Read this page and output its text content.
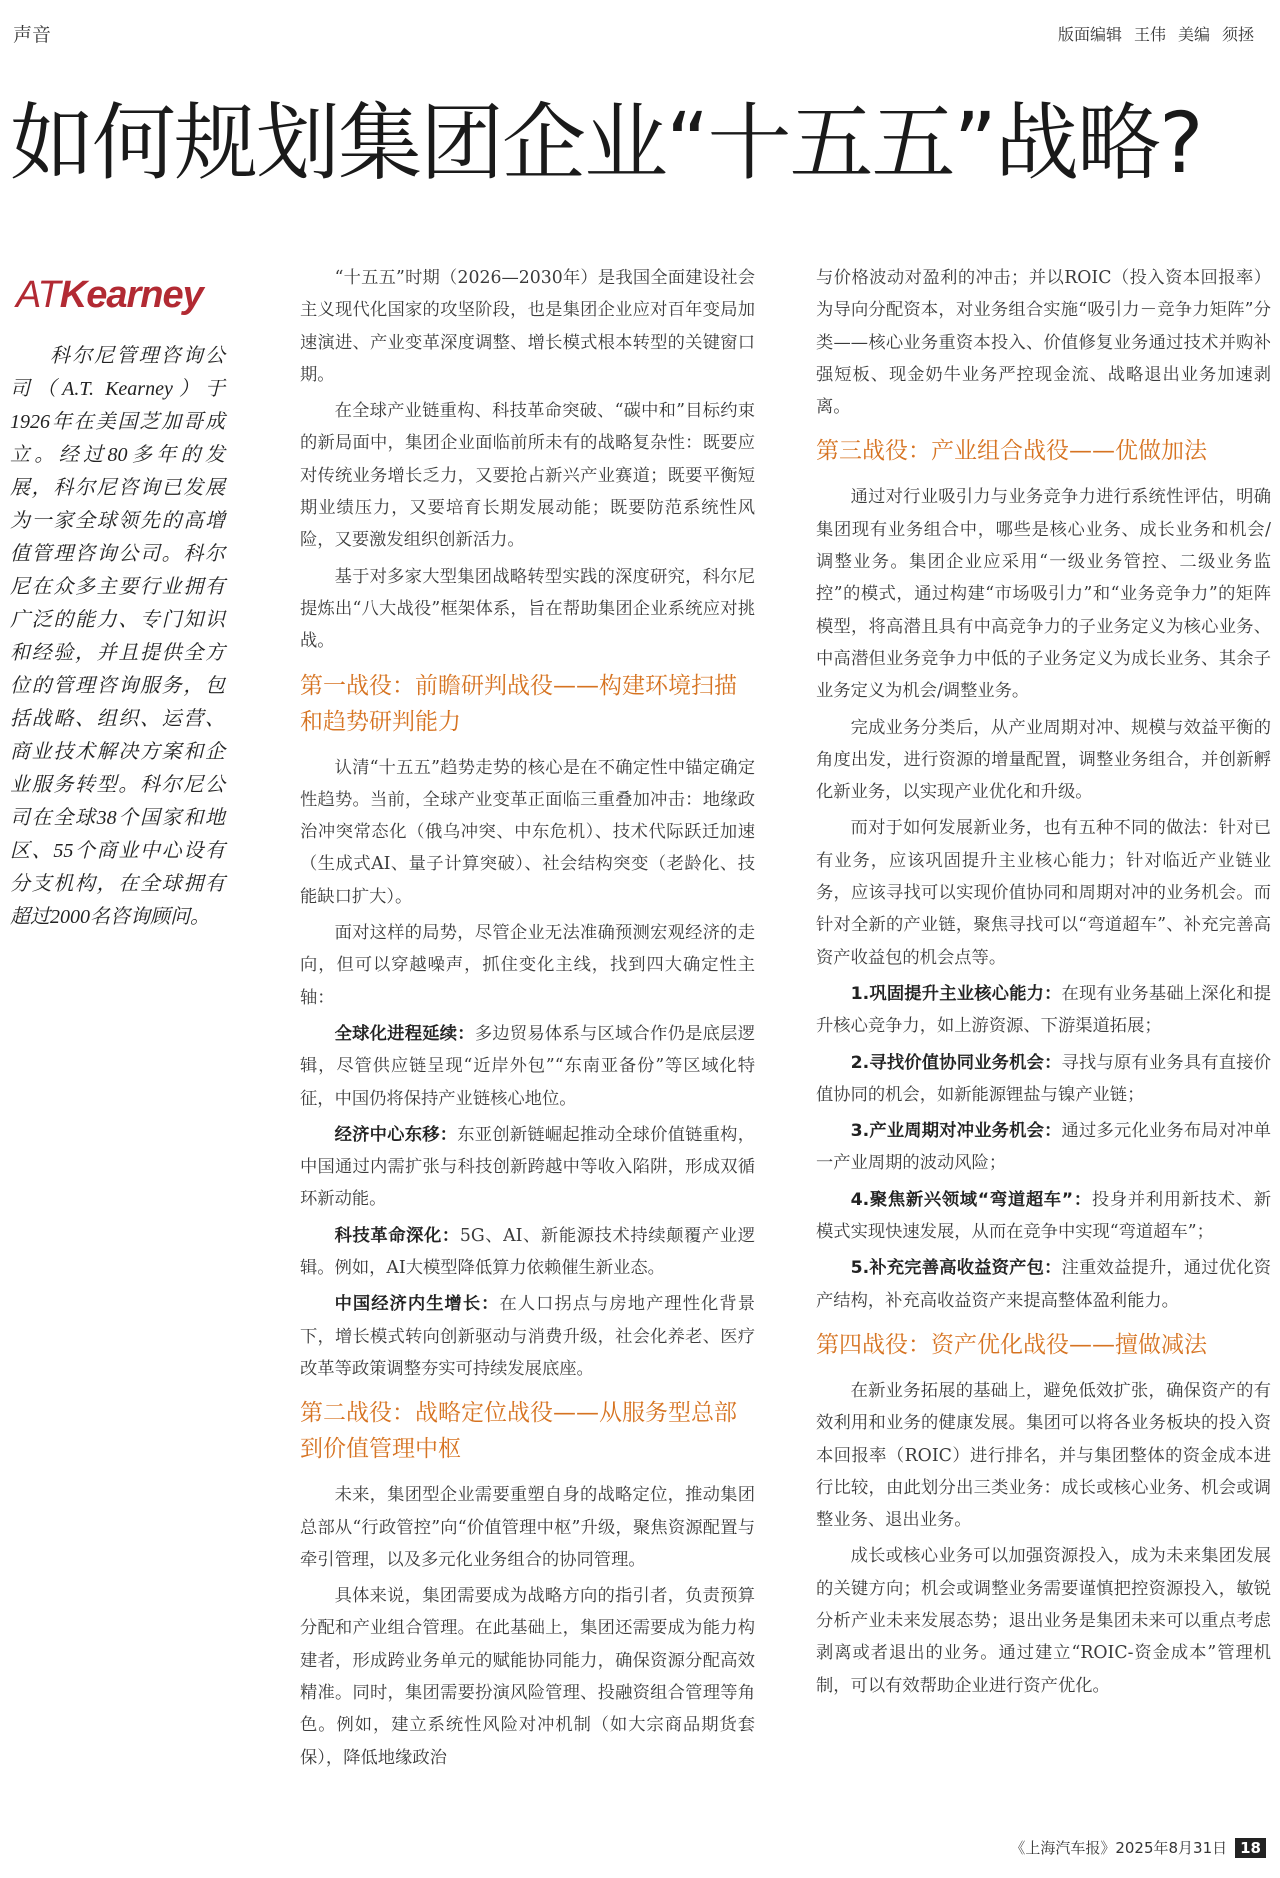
声音	版面编辑 王伟 美编 须拯
如何规划集团企业“十五五”战略?
ATKearney

科尔尼管理咨询公司（A.T. Kearney）于1926年在美国芝加哥成立。经过80多年的发展，科尔尼咨询已发展为一家全球领先的高增值管理咨询公司。科尔尼在众多主要行业拥有广泛的能力、专门知识和经验，并且提供全方位的管理咨询服务，包括战略、组织、运营、商业技术解决方案和企业服务转型。科尔尼公司在全球38个国家和地区、55个商业中心设有分支机构，在全球拥有超过2000名咨询顾问。

“十五五”时期（2026—2030年）是我国全面建设社会主义现代化国家的攻坚阶段，也是集团企业应对百年变局加速演进、产业变革深度调整、增长模式根本转型的关键窗口期。

在全球产业链重构、科技革命突破、“碳中和”目标约束的新局面中，集团企业面临前所未有的战略复杂性：既要应对传统业务增长乏力，又要抢占新兴产业赛道；既要平衡短期业绩压力，又要培育长期发展动能；既要防范系统性风险，又要激发组织创新活力。

基于对多家大型集团战略转型实践的深度研究，科尔尼提炼出“八大战役”框架体系，旨在帮助集团企业系统应对挑战。

第一战役：前瞻研判战役——构建环境扫描和趋势研判能力

认清“十五五”趋势走势的核心是在不确定性中锚定确定性趋势。当前，全球产业变革正面临三重叠加冲击：地缘政治冲突常态化（俄乌冲突、中东危机）、技术代际跃迁加速（生成式AI、量子计算突破）、社会结构突变（老龄化、技能缺口扩大）。

面对这样的局势，尽管企业无法准确预测宏观经济的走向，但可以穿越噪声，抓住变化主线，找到四大确定性主轴：

全球化进程延续：多边贸易体系与区域合作仍是底层逻辑，尽管供应链呈现“近岸外包”“东南亚备份”等区域化特征，中国仍将保持产业链核心地位。

经济中心东移：东亚创新链崛起推动全球价值链重构，中国通过内需扩张与科技创新跨越中等收入陷阱，形成双循环新动能。

科技革命深化：5G、AI、新能源技术持续颠覆产业逻辑。例如，AI大模型降低算力依赖催生新业态。

中国经济内生增长：在人口拐点与房地产理性化背景下，增长模式转向创新驱动与消费升级，社会化养老、医疗改革等政策调整夯实可持续发展底座。

第二战役：战略定位战役——从服务型总部到价值管理中枢

未来，集团型企业需要重塑自身的战略定位，推动集团总部从“行政管控”向“价值管理中枢”升级，聚焦资源配置与牵引管理，以及多元化业务组合的协同管理。

具体来说，集团需要成为战略方向的指引者，负责预算分配和产业组合管理。在此基础上，集团还需要成为能力构建者，形成跨业务单元的赋能协同能力，确保资源分配高效精准。同时，集团需要扮演风险管理、投融资组合管理等角色。例如，建立系统性风险对冲机制（如大宗商品期货套保），降低地缘政治

与价格波动对盈利的冲击；并以ROIC（投入资本回报率）为导向分配资本，对业务组合实施“吸引力－竞争力矩阵”分类——核心业务重资本投入、价值修复业务通过技术并购补强短板、现金奶牛业务严控现金流、战略退出业务加速剥离。

第三战役：产业组合战役——优做加法

通过对行业吸引力与业务竞争力进行系统性评估，明确集团现有业务组合中，哪些是核心业务、成长业务和机会/调整业务。集团企业应采用“一级业务管控、二级业务监控”的模式，通过构建“市场吸引力”和“业务竞争力”的矩阵模型，将高潜且具有中高竞争力的子业务定义为核心业务、中高潜但业务竞争力中低的子业务定义为成长业务、其余子业务定义为机会/调整业务。

完成业务分类后，从产业周期对冲、规模与效益平衡的角度出发，进行资源的增量配置，调整业务组合，并创新孵化新业务，以实现产业优化和升级。

而对于如何发展新业务，也有五种不同的做法：针对已有业务，应该巩固提升主业核心能力；针对临近产业链业务，应该寻找可以实现价值协同和周期对冲的业务机会。而针对全新的产业链，聚焦寻找可以“弯道超车”、补充完善高资产收益包的机会点等。

1.巩固提升主业核心能力：在现有业务基础上深化和提升核心竞争力，如上游资源、下游渠道拓展；

2.寻找价值协同业务机会：寻找与原有业务具有直接价值协同的机会，如新能源锂盐与镍产业链；

3.产业周期对冲业务机会：通过多元化业务布局对冲单一产业周期的波动风险；

4.聚焦新兴领域“弯道超车”：投身并利用新技术、新模式实现快速发展，从而在竞争中实现“弯道超车”；

5.补充完善高收益资产包：注重效益提升，通过优化资产结构，补充高收益资产来提高整体盈利能力。

第四战役：资产优化战役——擅做减法

在新业务拓展的基础上，避免低效扩张，确保资产的有效利用和业务的健康发展。集团可以将各业务板块的投入资本回报率（ROIC）进行排名，并与集团整体的资金成本进行比较，由此划分出三类业务：成长或核心业务、机会或调整业务、退出业务。

成长或核心业务可以加强资源投入，成为未来集团发展的关键方向；机会或调整业务需要谨慎把控资源投入，敏锐分析产业未来发展态势；退出业务是集团未来可以重点考虑剥离或者退出的业务。通过建立“ROIC-资金成本”管理机制，可以有效帮助企业进行资产优化。

《上海汽车报》2025年8月31日 18
